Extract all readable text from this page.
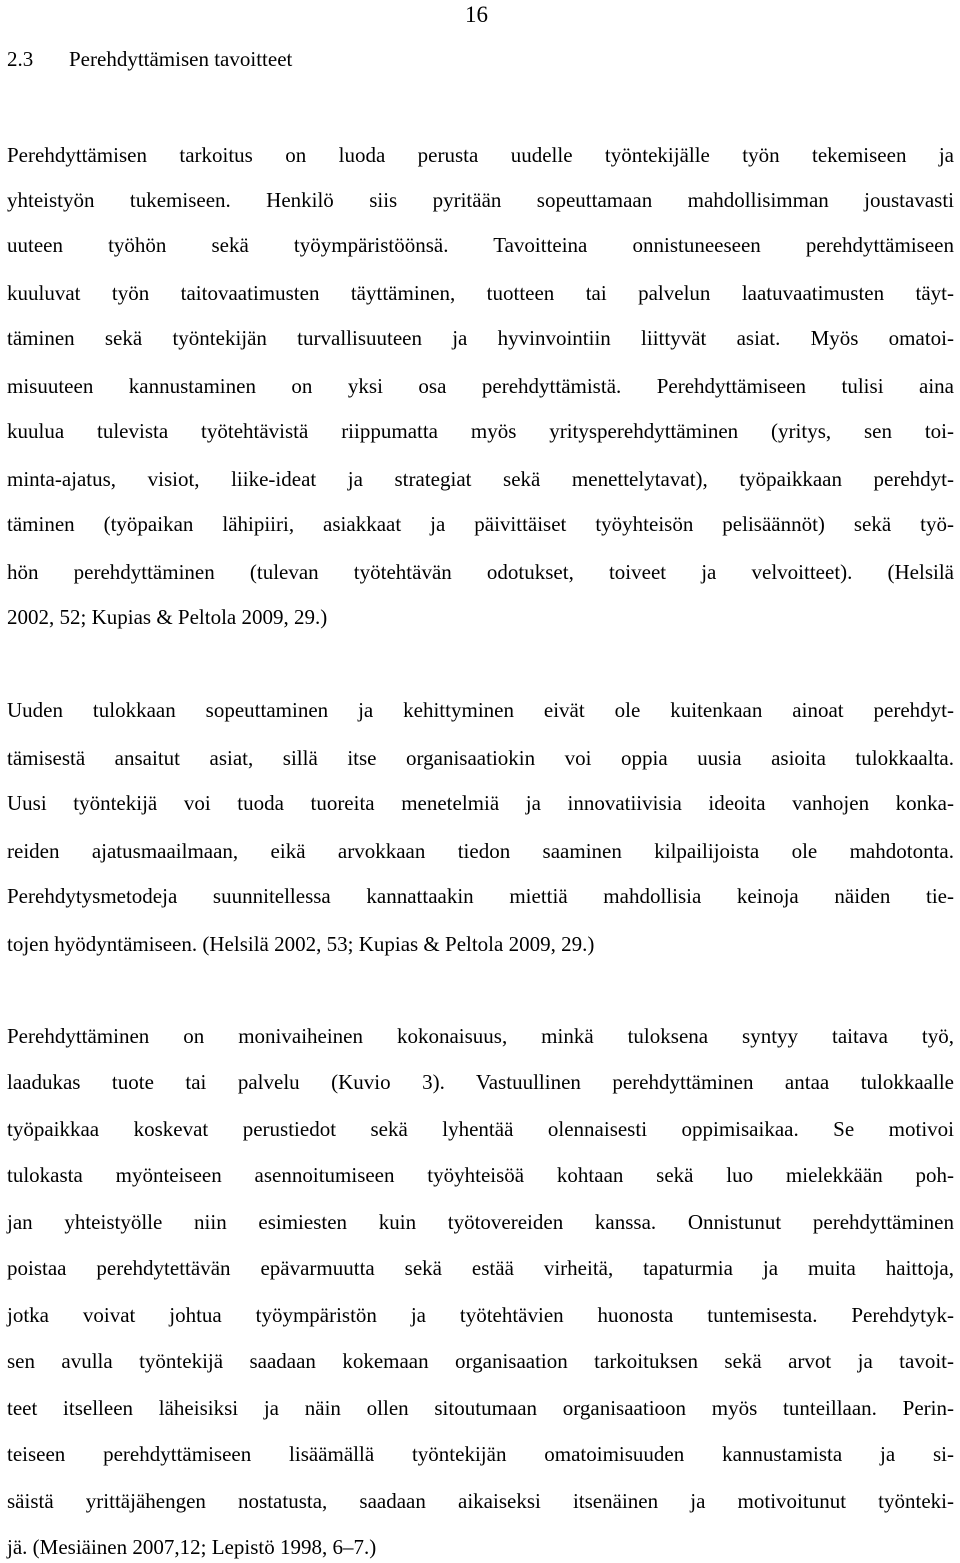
16
2.3 Perehdyttämisen tavoitteet
Perehdyttämisen tarkoitus on luoda perusta uudelle työntekijälle työn tekemiseen ja
yhteistyön tukemiseen. Henkilö siis pyritään sopeuttamaan mahdollisimman joustavasti
uuteen työhön sekä työympäristöönsä. Tavoitteina onnistuneeseen perehdyttämiseen
kuuluvat työn taitovaatimusten täyttäminen, tuotteen tai palvelun laatuvaatimusten täyt-
täminen sekä työntekijän turvallisuuteen ja hyvinvointiin liittyvät asiat. Myös omatoi-
misuuteen kannustaminen on yksi osa perehdyttämistä. Perehdyttämiseen tulisi aina
kuulua tulevista työtehtävistä riippumatta myös yritysperehdyttäminen (yritys, sen toi-
minta-ajatus, visiot, liike-ideat ja strategiat sekä menettelytavat), työpaikkaan perehdyt-
täminen (työpaikan lähipiiri, asiakkaat ja päivittäiset työyhteisön pelisäännöt) sekä työ-
hön perehdyttäminen (tulevan työtehtävän odotukset, toiveet ja velvoitteet). (Helsilä
2002, 52; Kupias & Peltola 2009, 29.)
Uuden tulokkaan sopeuttaminen ja kehittyminen eivät ole kuitenkaan ainoat perehdyt-
tämisestä ansaitut asiat, sillä itse organisaatiokin voi oppia uusia asioita tulokkaalta.
Uusi työntekijä voi tuoda tuoreita menetelmiä ja innovatiivisia ideoita vanhojen konka-
reiden ajatusmaailmaan, eikä arvokkaan tiedon saaminen kilpailijoista ole mahdotonta.
Perehdytysmetodeja suunnitellessa kannattaakin miettiä mahdollisia keinoja näiden tie-
tojen hyödyntämiseen. (Helsilä 2002, 53; Kupias & Peltola 2009, 29.)
Perehdyttäminen on monivaiheinen kokonaisuus, minkä tuloksena syntyy taitava työ,
laadukas tuote tai palvelu (Kuvio 3). Vastuullinen perehdyttäminen antaa tulokkaalle
työpaikkaa koskevat perustiedot sekä lyhentää olennaisesti oppimisaikaa. Se motivoi
tulokasta myönteiseen asennoitumiseen työyhteisöä kohtaan sekä luo mielekkään poh-
jan yhteistyölle niin esimiesten kuin työtovereiden kanssa. Onnistunut perehdyttäminen
poistaa perehdytettävän epävarmuutta sekä estää virheitä, tapaturmia ja muita haittoja,
jotka voivat johtua työympäristön ja työtehtävien huonosta tuntemisesta. Perehdytyk-
sen avulla työntekijä saadaan kokemaan organisaation tarkoituksen sekä arvot ja tavoit-
teet itselleen läheisiksi ja näin ollen sitoutumaan organisaatioon myös tunteillaan. Perin-
teiseen perehdyttämiseen lisäämällä työntekijän omatoimisuuden kannustamista ja si-
säistä yrittäjähengen nostatusta, saadaan aikaiseksi itsenäinen ja motivoitunut työnteki-
jä. (Mesiäinen 2007,12; Lepistö 1998, 6–7.)
